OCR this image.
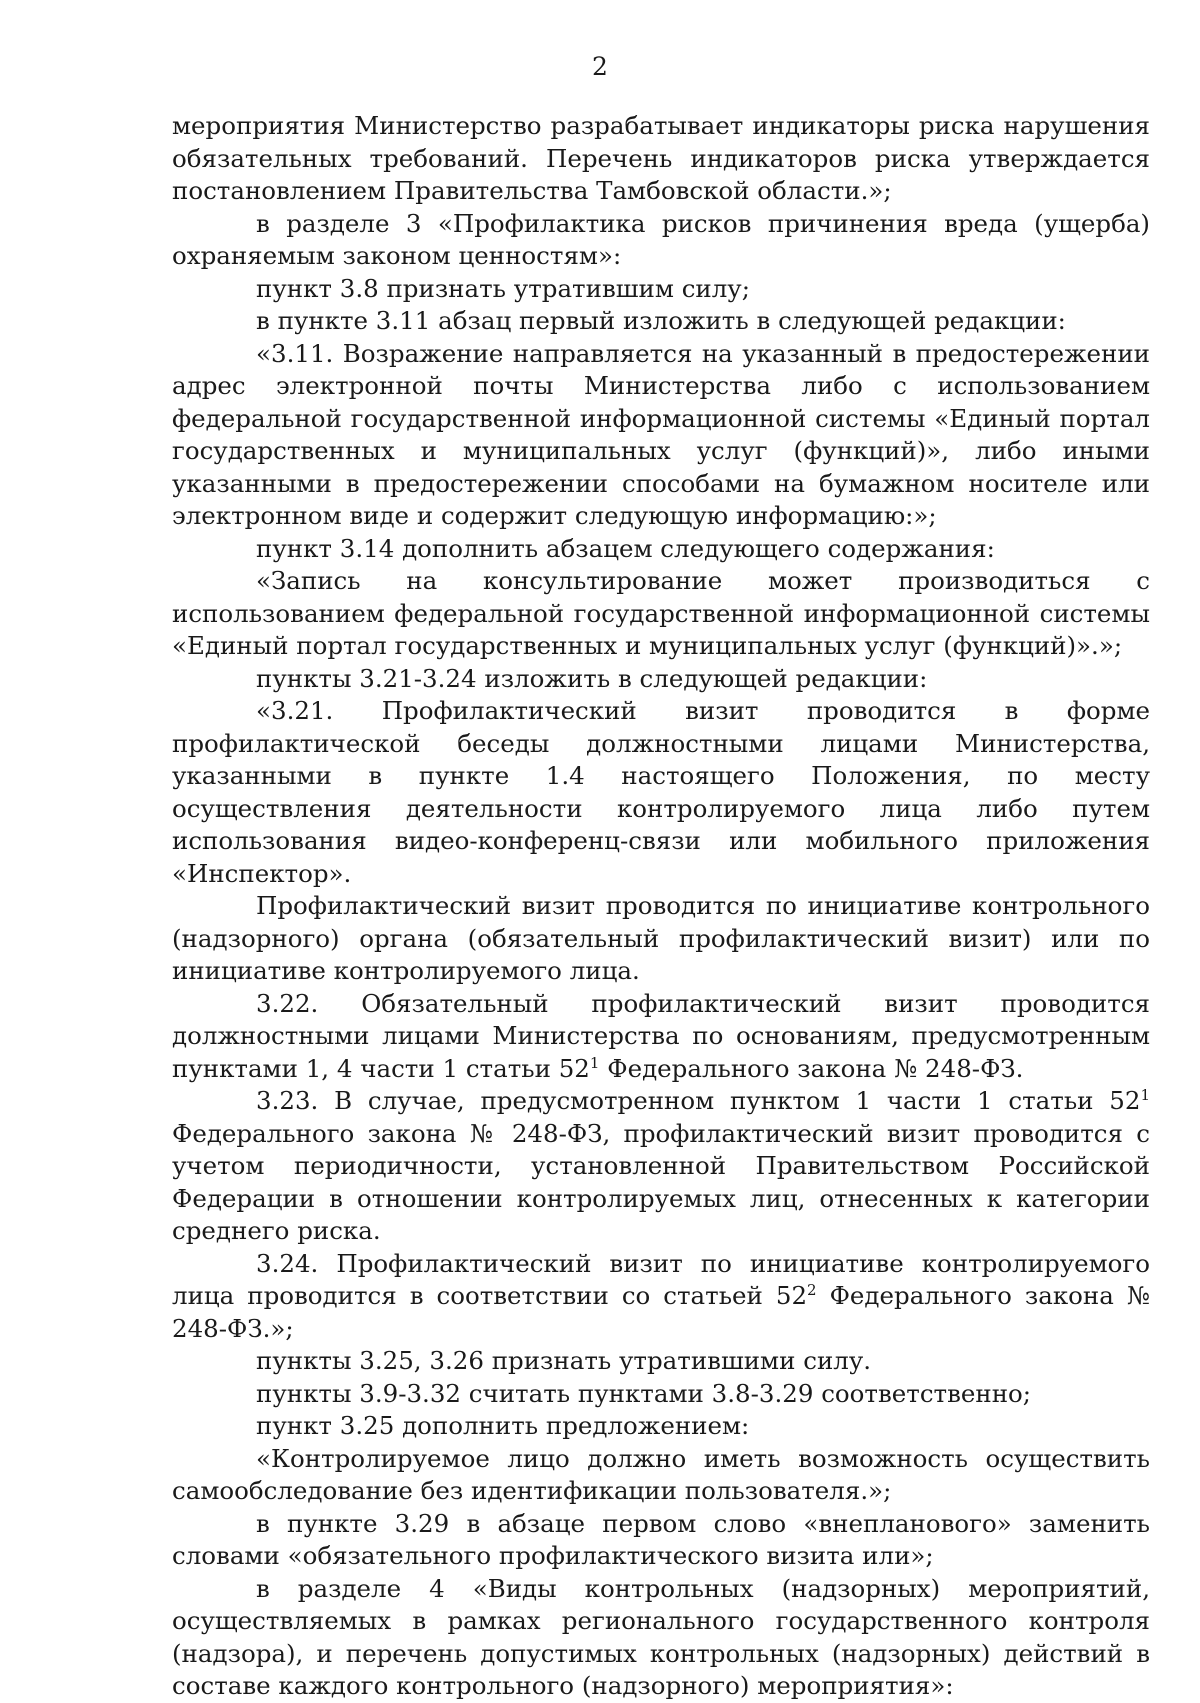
2

мероприятия Министерство разрабатывает индикаторы риска нарушения обязательных требований. Перечень индикаторов риска утверждается постановлением Правительства Тамбовской области.»;

в разделе 3 «Профилактика рисков причинения вреда (ущерба) охраняемым законом ценностям»:

пункт 3.8 признать утратившим силу;

в пункте 3.11 абзац первый изложить в следующей редакции:

«3.11. Возражение направляется на указанный в предостережении адрес электронной почты Министерства либо с использованием федеральной государственной информационной системы «Единый портал государственных и муниципальных услуг (функций)», либо иными указанными в предостережении способами на бумажном носителе или электронном виде и содержит следующую информацию:»;

пункт 3.14 дополнить абзацем следующего содержания:

«Запись на консультирование может производиться с использованием федеральной государственной информационной системы «Единый портал государственных и муниципальных услуг (функций)».»;

пункты 3.21-3.24 изложить в следующей редакции:

«3.21. Профилактический визит проводится в форме профилактической беседы должностными лицами Министерства, указанными в пункте 1.4 настоящего Положения, по месту осуществления деятельности контролируемого лица либо путем использования видео-конференц-связи или мобильного приложения «Инспектор».

Профилактический визит проводится по инициативе контрольного (надзорного) органа (обязательный профилактический визит) или по инициативе контролируемого лица.

3.22. Обязательный профилактический визит проводится должностными лицами Министерства по основаниям, предусмотренным пунктами 1, 4 части 1 статьи $52^1$ Федерального закона № 248-ФЗ.

3.23. В случае, предусмотренном пунктом 1 части 1 статьи $52^1$ Федерального закона № 248-ФЗ, профилактический визит проводится с учетом периодичности, установленной Правительством Российской Федерации в отношении контролируемых лиц, отнесенных к категории среднего риска.

3.24. Профилактический визит по инициативе контролируемого лица проводится в соответствии со статьей $52^2$ Федерального закона № 248-ФЗ.»;

пункты 3.25, 3.26 признать утратившими силу.

пункты 3.9-3.32 считать пунктами 3.8-3.29 соответственно;

пункт 3.25 дополнить предложением:

«Контролируемое лицо должно иметь возможность осуществить самообследование без идентификации пользователя.»;

в пункте 3.29 в абзаце первом слово «внепланового» заменить словами «обязательного профилактического визита или»;

в разделе 4 «Виды контрольных (надзорных) мероприятий, осуществляемых в рамках регионального государственного контроля (надзора), и перечень допустимых контрольных (надзорных) действий в составе каждого контрольного (надзорного) мероприятия»:
